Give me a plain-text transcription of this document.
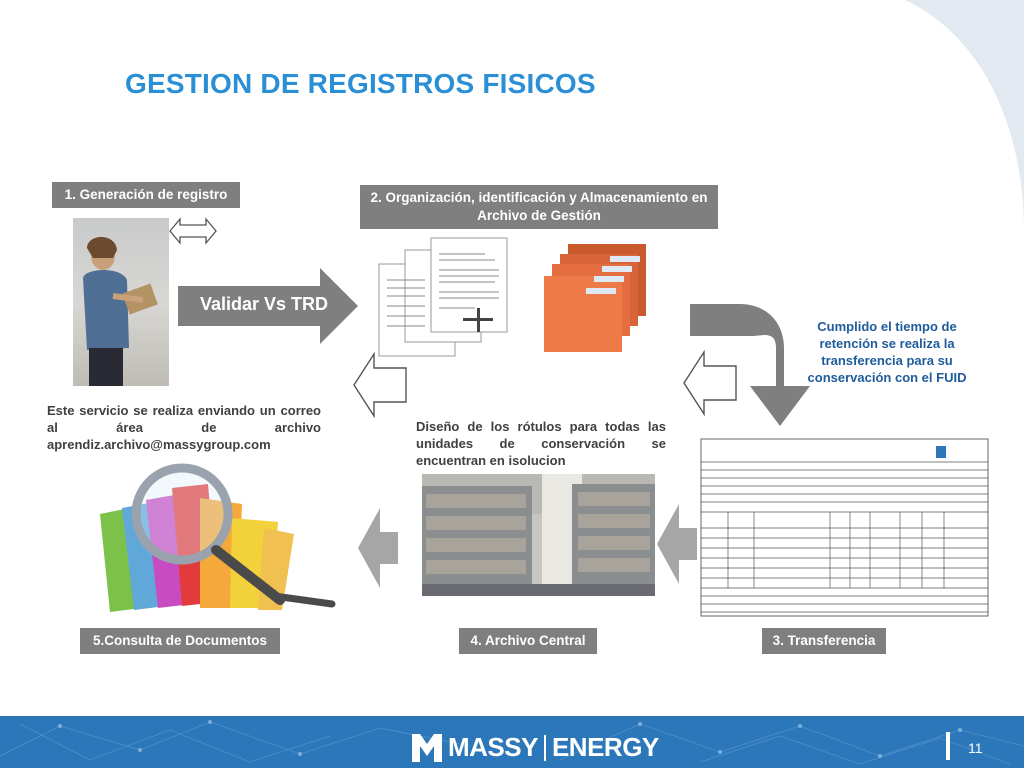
GESTION DE REGISTROS FISICOS
1. Generación de registro
Validar Vs TRD
2. Organización, identificación y Almacenamiento en Archivo de Gestión
Cumplido el tiempo de retención se realiza la transferencia para su conservación con el FUID
Este servicio se realiza enviando un correo al área de archivo aprendiz.archivo@massygroup.com
Diseño de los rótulos para todas las unidades de conservación se encuentran en isolucion
5.Consulta de Documentos	4. Archivo Central	3. Transferencia
MASSY ENERGY	11
